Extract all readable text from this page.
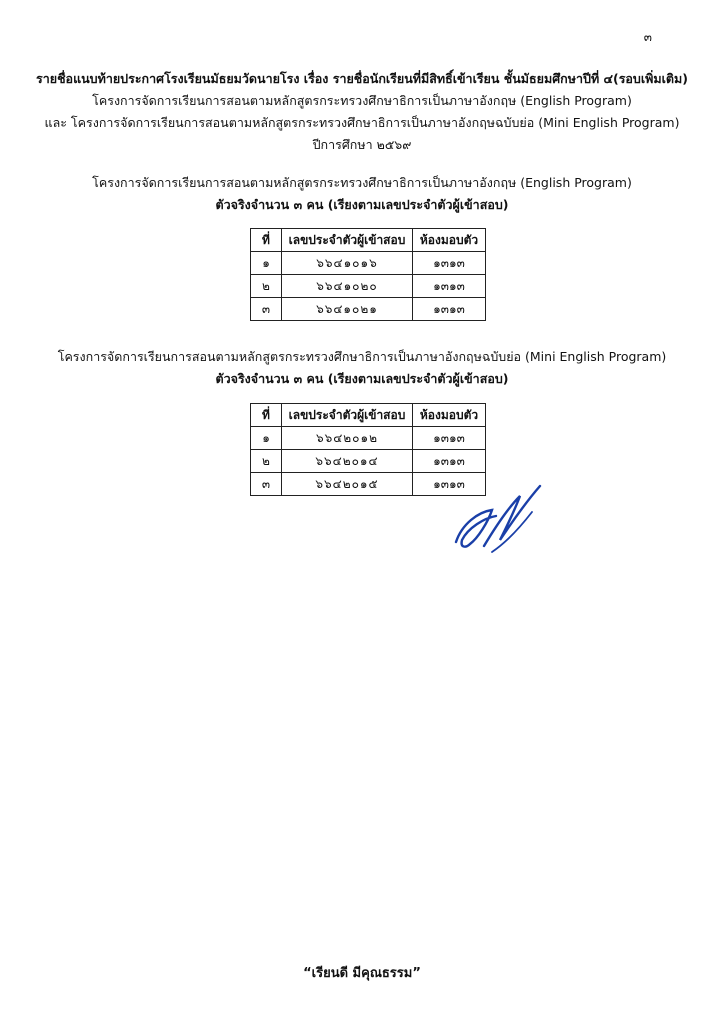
๓
รายชื่อแนบท้ายประกาศโรงเรียนมัธยมวัดนายโรง เรื่อง รายชื่อนักเรียนที่มีสิทธิ์เข้าเรียน ชั้นมัธยมศึกษาปีที่ ๔(รอบเพิ่มเติม)
โครงการจัดการเรียนการสอนตามหลักสูตรกระทรวงศึกษาธิการเป็นภาษาอังกฤษ (English Program)
และ โครงการจัดการเรียนการสอนตามหลักสูตรกระทรวงศึกษาธิการเป็นภาษาอังกฤษฉบับย่อ (Mini English Program)
ปีการศึกษา ๒๕๖๙
โครงการจัดการเรียนการสอนตามหลักสูตรกระทรวงศึกษาธิการเป็นภาษาอังกฤษ (English Program)
ตัวจริงจำนวน ๓ คน (เรียงตามเลขประจำตัวผู้เข้าสอบ)
ที่	เลขประจำตัวผู้เข้าสอบ	ห้องมอบตัว
๑	๖๖๔๑๐๑๖	๑๓๑๓
๒	๖๖๔๑๐๒๐	๑๓๑๓
๓	๖๖๔๑๐๒๑	๑๓๑๓
โครงการจัดการเรียนการสอนตามหลักสูตรกระทรวงศึกษาธิการเป็นภาษาอังกฤษฉบับย่อ (Mini English Program)
ตัวจริงจำนวน ๓ คน (เรียงตามเลขประจำตัวผู้เข้าสอบ)
ที่	เลขประจำตัวผู้เข้าสอบ	ห้องมอบตัว
๑	๖๖๔๒๐๑๒	๑๓๑๓
๒	๖๖๔๒๐๑๔	๑๓๑๓
๓	๖๖๔๒๐๑๕	๑๓๑๓
“เรียนดี มีคุณธรรม”
